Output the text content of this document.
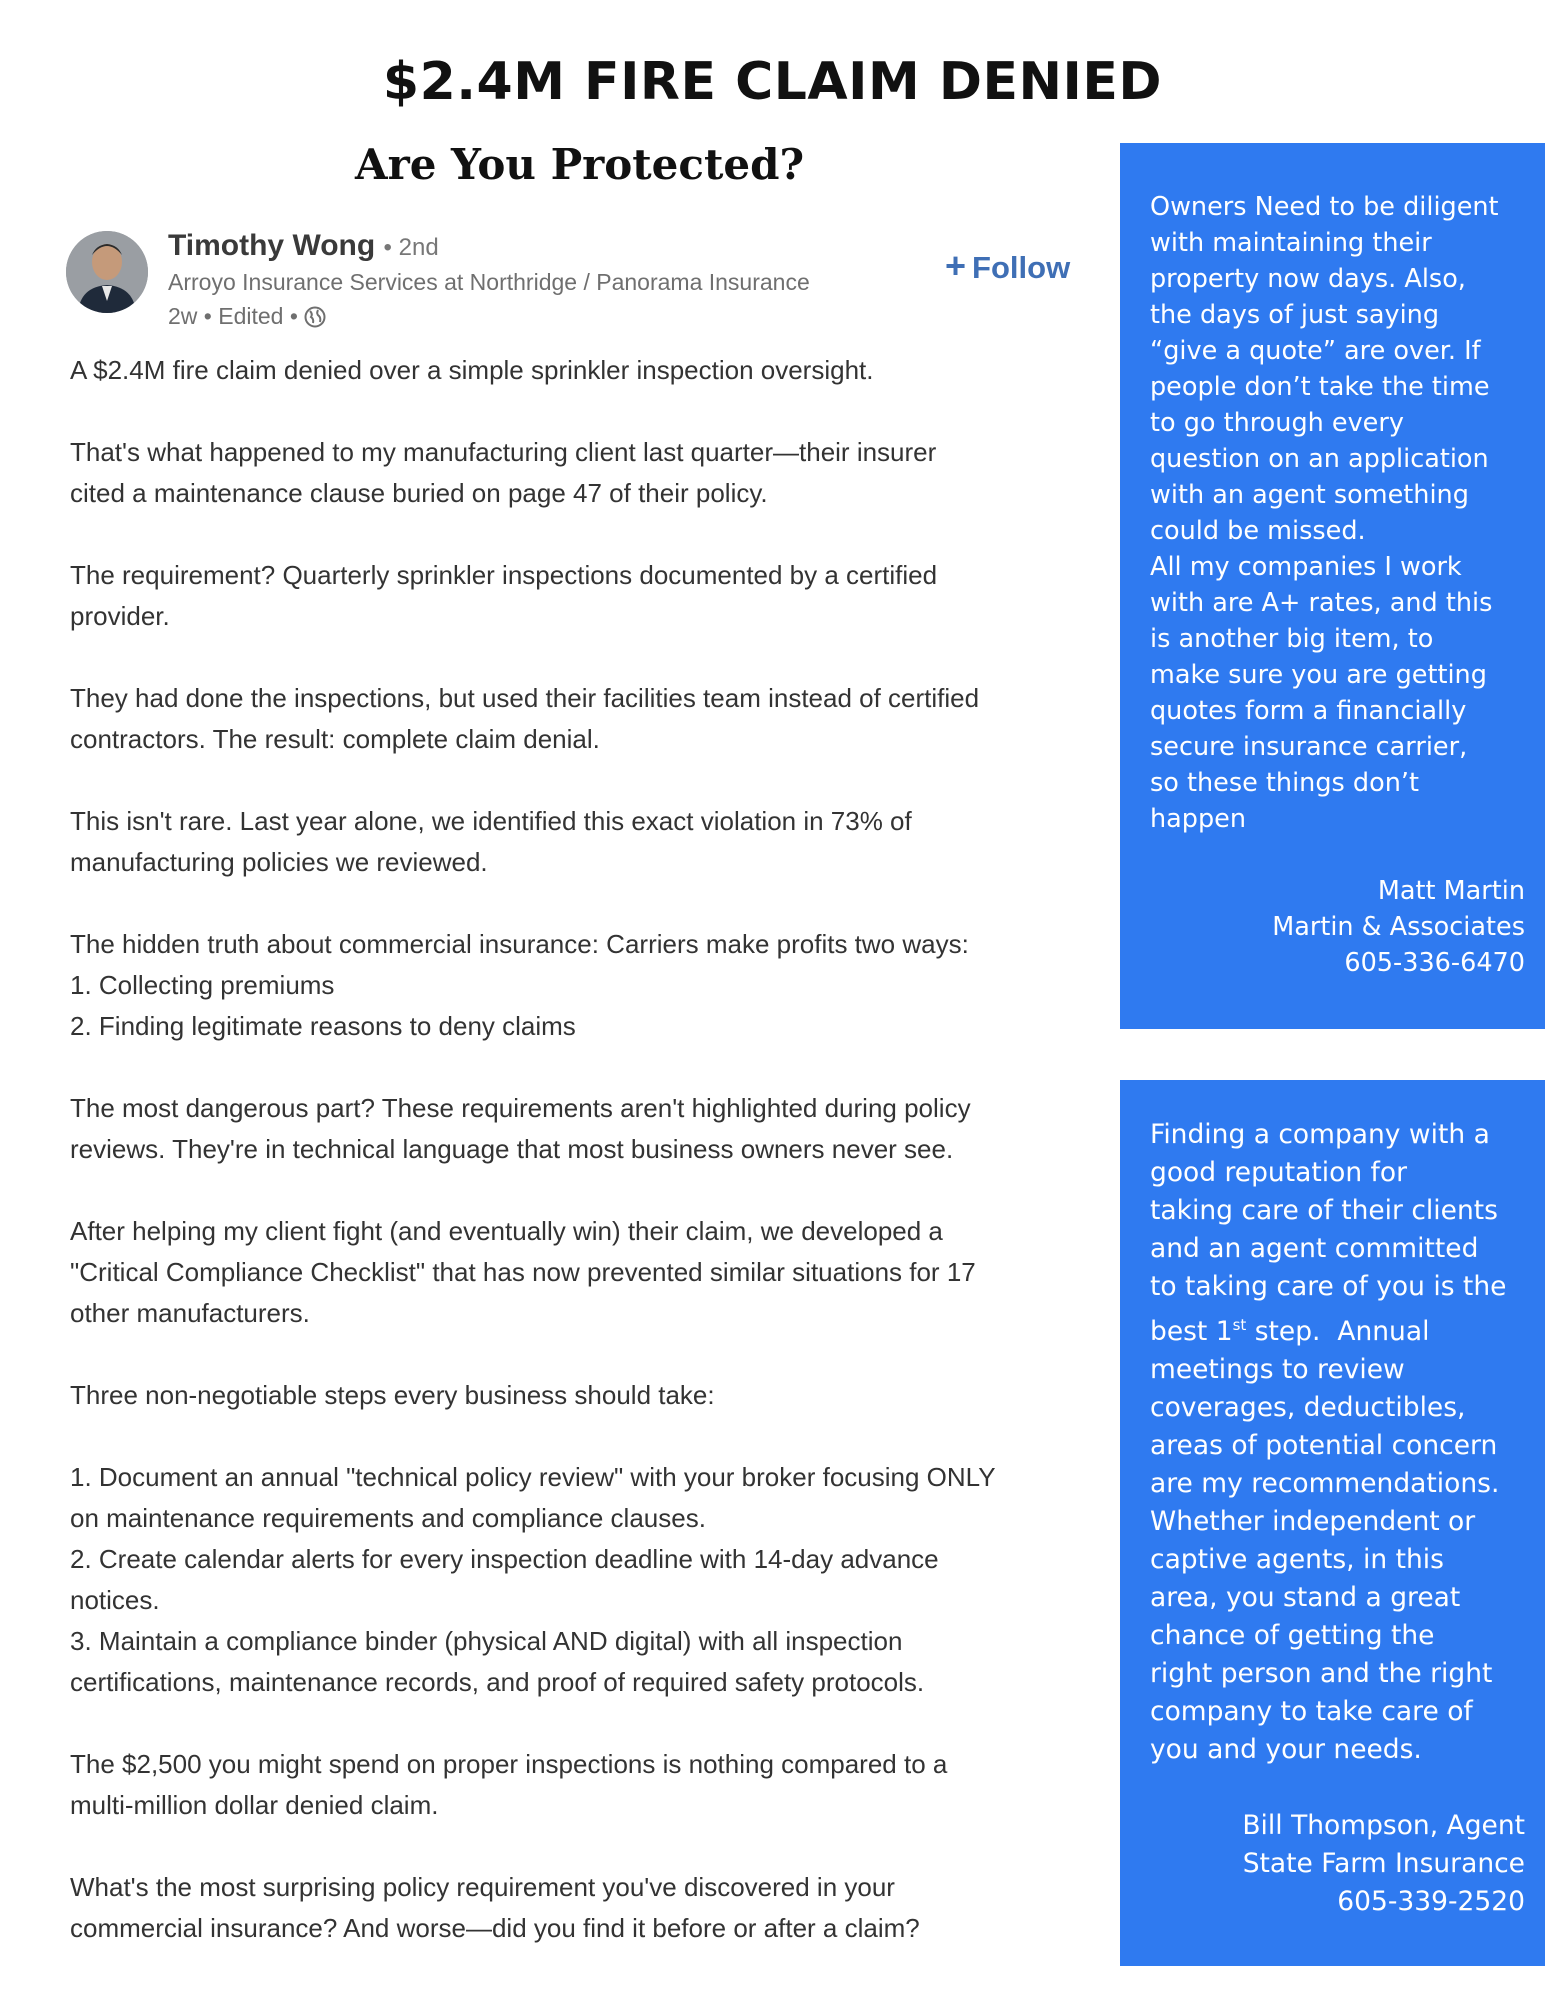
$2.4M FIRE CLAIM DENIED
Are You Protected?
Timothy Wong • 2nd
Arroyo Insurance Services at Northridge / Panorama Insurance
2w • Edited •
+ Follow

A $2.4M fire claim denied over a simple sprinkler inspection oversight.

That's what happened to my manufacturing client last quarter—their insurer
cited a maintenance clause buried on page 47 of their policy.

The requirement? Quarterly sprinkler inspections documented by a certified
provider.

They had done the inspections, but used their facilities team instead of certified
contractors. The result: complete claim denial.

This isn't rare. Last year alone, we identified this exact violation in 73% of
manufacturing policies we reviewed.

The hidden truth about commercial insurance: Carriers make profits two ways:
1. Collecting premiums
2. Finding legitimate reasons to deny claims

The most dangerous part? These requirements aren't highlighted during policy
reviews. They're in technical language that most business owners never see.

After helping my client fight (and eventually win) their claim, we developed a
"Critical Compliance Checklist" that has now prevented similar situations for 17
other manufacturers.

Three non-negotiable steps every business should take:

1. Document an annual "technical policy review" with your broker focusing ONLY
on maintenance requirements and compliance clauses.
2. Create calendar alerts for every inspection deadline with 14-day advance
notices.
3. Maintain a compliance binder (physical AND digital) with all inspection
certifications, maintenance records, and proof of required safety protocols.

The $2,500 you might spend on proper inspections is nothing compared to a
multi-million dollar denied claim.

What's the most surprising policy requirement you've discovered in your
commercial insurance? And worse—did you find it before or after a claim?

Owners Need to be diligent
with maintaining their
property now days. Also,
the days of just saying
“give a quote” are over. If
people don’t take the time
to go through every
question on an application
with an agent something
could be missed.
All my companies I work
with are A+ rates, and this
is another big item, to
make sure you are getting
quotes form a financially
secure insurance carrier,
so these things don’t
happen

Matt Martin
Martin & Associates
605-336-6470

Finding a company with a
good reputation for
taking care of their clients
and an agent committed
to taking care of you is the
best 1st step.  Annual
meetings to review
coverages, deductibles,
areas of potential concern
are my recommendations.
Whether independent or
captive agents, in this
area, you stand a great
chance of getting the
right person and the right
company to take care of
you and your needs.

Bill Thompson, Agent
State Farm Insurance
605-339-2520
